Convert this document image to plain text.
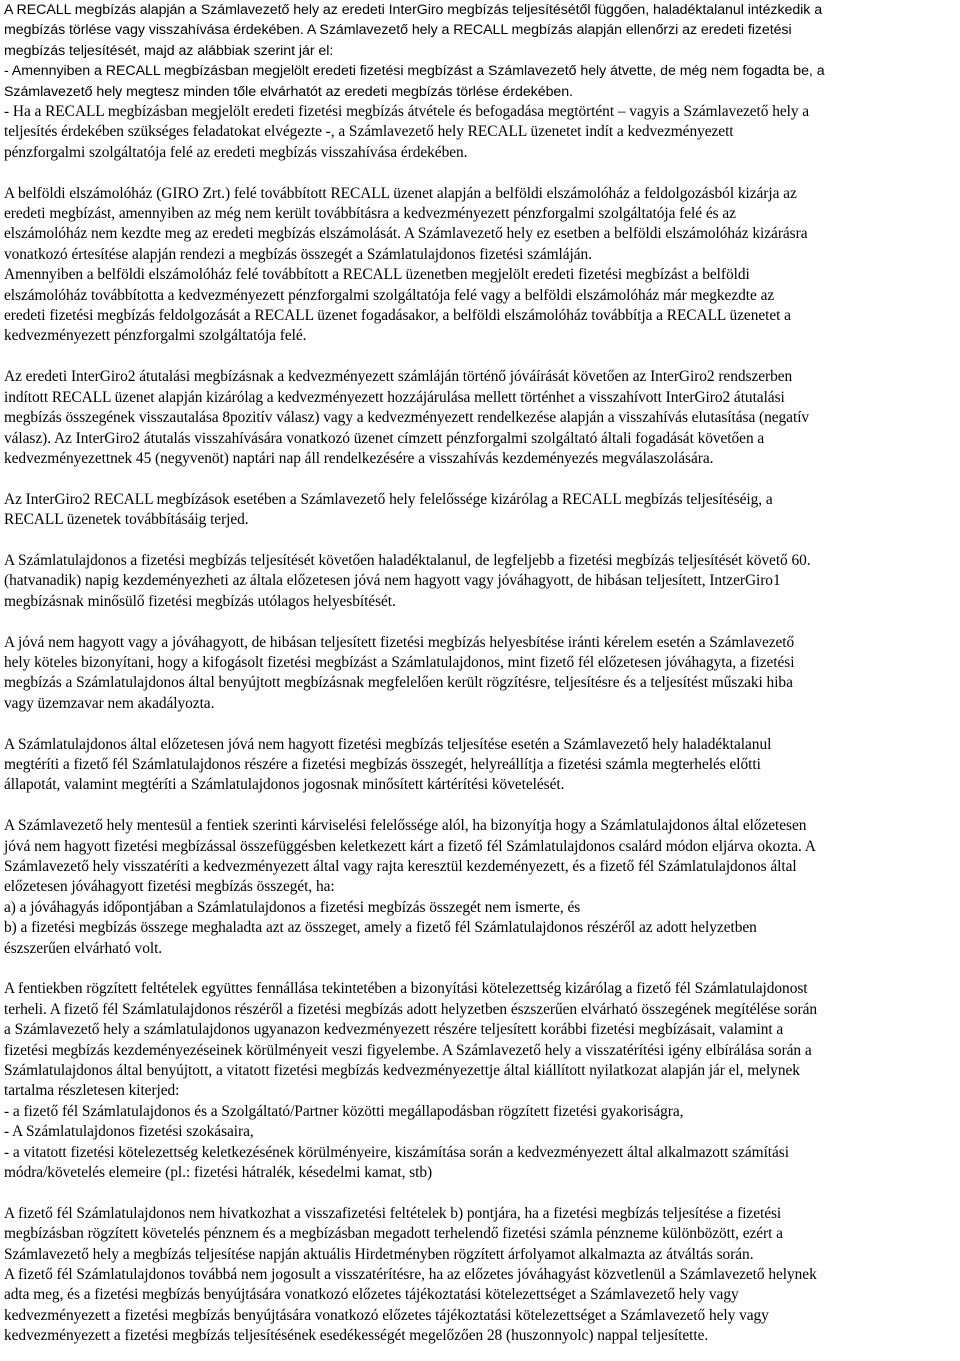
A RECALL megbízás alapján a Számlavezető hely az eredeti InterGiro megbízás teljesítésétől függően, haladéktalanul intézkedik a
megbízás törlése vagy visszahívása érdekében. A Számlavezető hely a RECALL megbízás alapján ellenőrzi az eredeti fizetési
megbízás teljesítését, majd az alábbiak szerint jár el:
- Amennyiben a RECALL megbízásban megjelölt eredeti fizetési megbízást a Számlavezető hely átvette, de még nem fogadta be, a
Számlavezető hely megtesz minden tőle elvárhatót az eredeti megbízás törlése érdekében.
- Ha a RECALL megbízásban megjelölt eredeti fizetési megbízás átvétele és befogadása megtörtént – vagyis a Számlavezető hely a
teljesítés érdekében szükséges feladatokat elvégezte -, a Számlavezető hely RECALL üzenetet indít a kedvezményezett
pénzforgalmi szolgáltatója felé az eredeti megbízás visszahívása érdekében.
A belföldi elszámolóház (GIRO Zrt.) felé továbbított RECALL üzenet alapján a belföldi elszámolóház a feldolgozásból kizárja az
eredeti megbízást, amennyiben az még nem került továbbításra a kedvezményezett pénzforgalmi szolgáltatója felé és az
elszámolóház nem kezdte meg az eredeti megbízás elszámolását. A Számlavezető hely ez esetben a belföldi elszámolóház kizárásra
vonatkozó értesítése alapján rendezi a megbízás összegét a Számlatulajdonos fizetési számláján.
Amennyiben a belföldi elszámolóház felé továbbított a RECALL üzenetben megjelölt eredeti fizetési megbízást a belföldi
elszámolóház továbbította a kedvezményezett pénzforgalmi szolgáltatója felé vagy a belföldi elszámolóház már megkezdte az
eredeti fizetési megbízás feldolgozását a RECALL üzenet fogadásakor, a belföldi elszámolóház továbbítja a RECALL üzenetet a
kedvezményezett pénzforgalmi szolgáltatója felé.
Az eredeti InterGiro2 átutalási megbízásnak a kedvezményezett számláján történő jóváírását követően az InterGiro2 rendszerben
indított RECALL üzenet alapján kizárólag a kedvezményezett hozzájárulása mellett történhet a visszahívott InterGiro2 átutalási
megbízás összegének visszautalása 8pozitív válasz) vagy a kedvezményezett rendelkezése alapján a visszahívás elutasítása (negatív
válasz). Az InterGiro2 átutalás visszahívására vonatkozó üzenet címzett pénzforgalmi szolgáltató általi fogadását követően a
kedvezményezettnek 45 (negyvenöt) naptári nap áll rendelkezésére a visszahívás kezdeményezés megválaszolására.
Az InterGiro2 RECALL megbízások esetében a Számlavezető hely felelőssége kizárólag a RECALL megbízás teljesítéséig, a
RECALL üzenetek továbbításáig terjed.
A Számlatulajdonos a fizetési megbízás teljesítését követően haladéktalanul, de legfeljebb a fizetési megbízás teljesítését követő 60.
(hatvanadik) napig kezdeményezheti az általa előzetesen jóvá nem hagyott vagy jóváhagyott, de hibásan teljesített, IntzerGiro1
megbízásnak minősülő fizetési megbízás utólagos helyesbítését.
A jóvá nem hagyott vagy a jóváhagyott, de hibásan teljesített fizetési megbízás helyesbítése iránti kérelem esetén a Számlavezető
hely köteles bizonyítani, hogy a kifogásolt fizetési megbízást a Számlatulajdonos, mint fizető fél előzetesen jóváhagyta, a fizetési
megbízás a Számlatulajdonos által benyújtott megbízásnak megfelelően került rögzítésre, teljesítésre és a teljesítést műszaki hiba
vagy üzemzavar nem akadályozta.
A Számlatulajdonos által előzetesen jóvá nem hagyott fizetési megbízás teljesítése esetén a Számlavezető hely haladéktalanul
megtéríti a fizető fél Számlatulajdonos részére a fizetési megbízás összegét, helyreállítja a fizetési számla megterhelés előtti
állapotát, valamint megtéríti a Számlatulajdonos jogosnak minősített kártérítési követelését.
A Számlavezető hely mentesül a fentiek szerinti kárviselési felelőssége alól, ha bizonyítja hogy a Számlatulajdonos által előzetesen
jóvá nem hagyott fizetési megbízással összefüggésben keletkezett kárt a fizető fél Számlatulajdonos csalárd módon eljárva okozta. A
Számlavezető hely visszatéríti a kedvezményezett által vagy rajta keresztül kezdeményezett, és a fizető fél Számlatulajdonos által
előzetesen jóváhagyott fizetési megbízás összegét, ha:
a) a jóváhagyás időpontjában a Számlatulajdonos a fizetési megbízás összegét nem ismerte, és
b) a fizetési megbízás összege meghaladta azt az összeget, amely a fizető fél Számlatulajdonos részéről az adott helyzetben
észszerűen elvárható volt.
A fentiekben rögzített feltételek együttes fennállása tekintetében a bizonyítási kötelezettség kizárólag a fizető fél Számlatulajdonost
terheli. A fizető fél Számlatulajdonos részéről a fizetési megbízás adott helyzetben észszerűen elvárható összegének megítélése során
a Számlavezető hely a számlatulajdonos ugyanazon kedvezményezett részére teljesített korábbi fizetési megbízásait, valamint a
fizetési megbízás kezdeményezéseinek körülményeit veszi figyelembe. A Számlavezető hely a visszatérítési igény elbírálása során a
Számlatulajdonos által benyújtott, a vitatott fizetési megbízás kedvezményezettje által kiállított nyilatkozat alapján jár el, melynek
tartalma részletesen kiterjed:
- a fizető fél Számlatulajdonos és a Szolgáltató/Partner közötti megállapodásban rögzített fizetési gyakoriságra,
- A Számlatulajdonos fizetési szokásaira,
- a vitatott fizetési kötelezettség keletkezésének körülményeire, kiszámítása során a kedvezményezett által alkalmazott számítási
módra/követelés elemeire (pl.: fizetési hátralék, késedelmi kamat, stb)
A fizető fél Számlatulajdonos nem hivatkozhat a visszafizetési feltételek b) pontjára, ha a fizetési megbízás teljesítése a fizetési
megbízásban rögzített követelés pénznem és a megbízásban megadott terhelendő fizetési számla pénzneme különbözött, ezért a
Számlavezető hely a megbízás teljesítése napján aktuális Hirdetményben rögzített árfolyamot alkalmazta az átváltás során.
A fizető fél Számlatulajdonos továbbá nem jogosult a visszatérítésre, ha az előzetes jóváhagyást közvetlenül a Számlavezető helynek
adta meg, és a fizetési megbízás benyújtására vonatkozó előzetes tájékoztatási kötelezettséget a Számlavezető hely vagy
kedvezményezett a fizetési megbízás benyújtására vonatkozó előzetes tájékoztatási kötelezettséget a Számlavezető hely vagy
kedvezményezett a fizetési megbízás teljesítésének esedékességét megelőzően 28 (huszonnyolc) nappal teljesítette.
